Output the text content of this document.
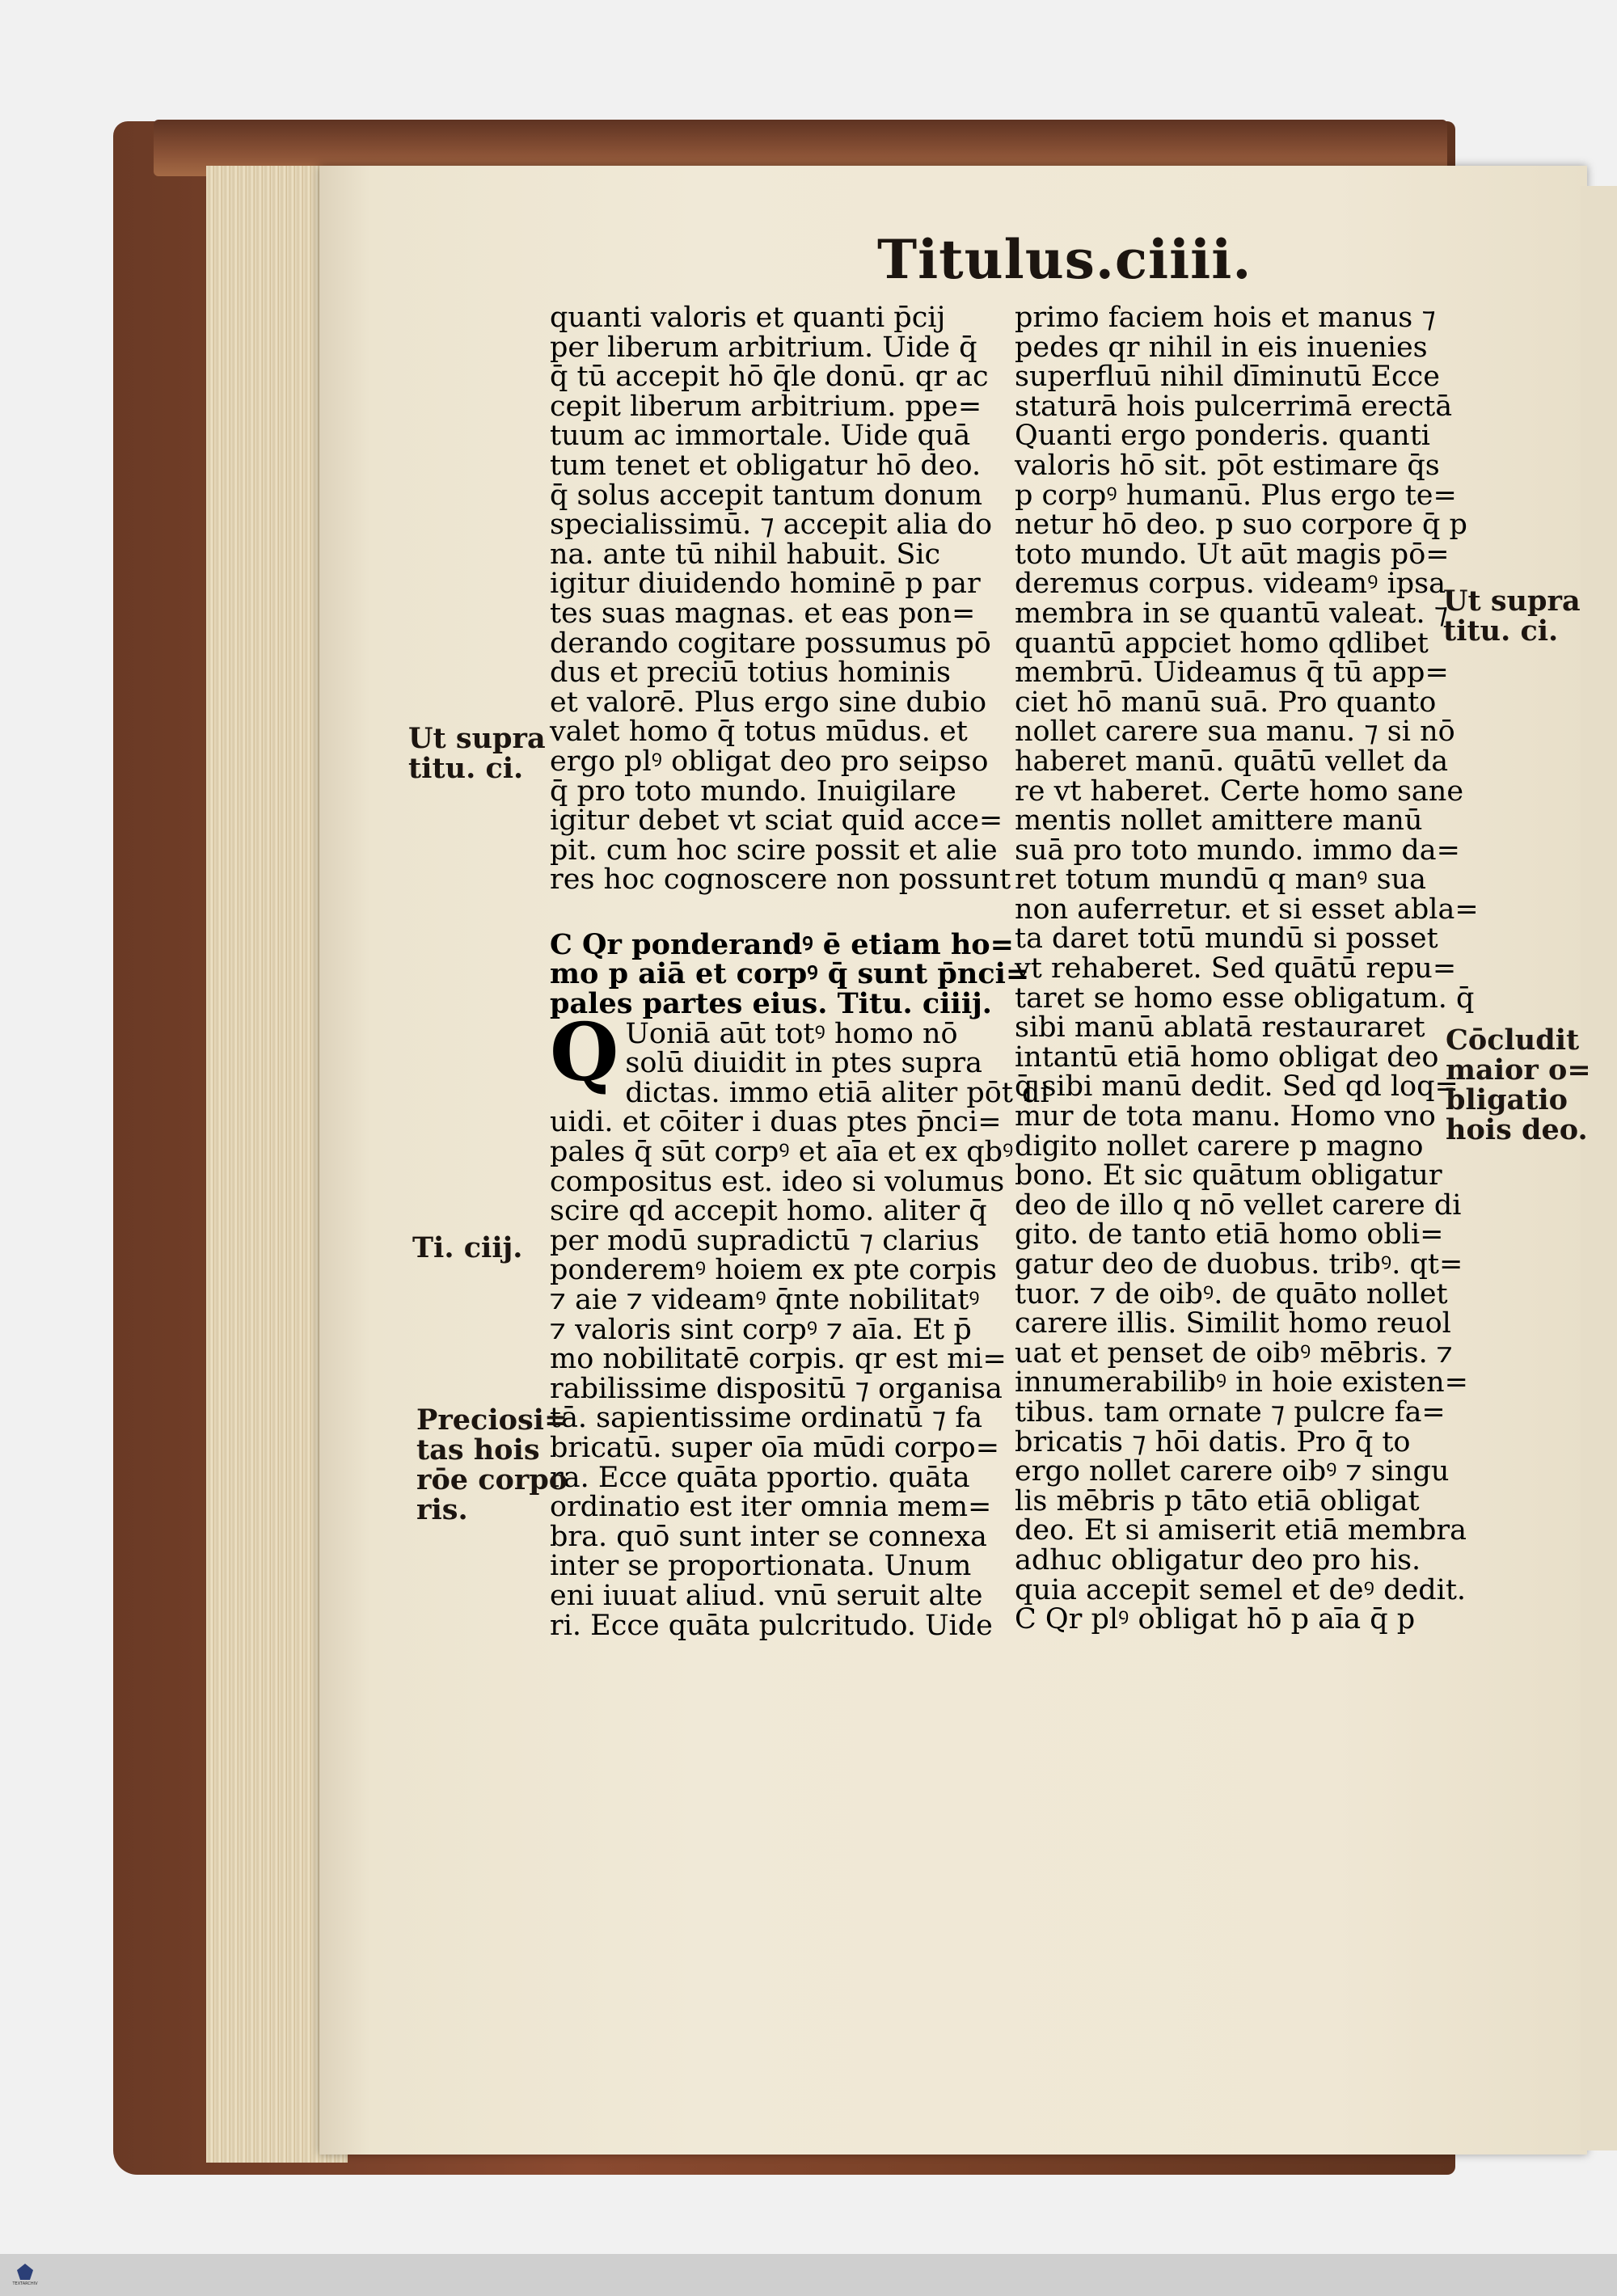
Titulus.ciiii.
quanti valoris et quanti p̄cij
per liberum arbitrium. Uide q̄
q̄ tū accepit hō q̄le donū. qr ac
cepit liberum arbitrium. ppe=
tuum ac immortale. Uide quā
tum tenet et obligatur hō deo.
q̄ solus accepit tantum donum
specialissimū. ⁊ accepit alia do
na. ante tū nihil habuit. Sic
igitur diuidendo hominē p par
tes suas magnas. et eas pon=
derando cogitare possumus pō
dus et preciū totius hominis
et valorē. Plus ergo sine dubio
valet homo q̄ totus mūdus. et
ergo plꝰ obligat deo pro seipso
q̄ pro toto mundo. Inuigilare
igitur debet vt sciat quid acce=
pit. cum hoc scire possit et alie
res hoc cognoscere non possunt
C Qr ponderandꝰ ē etiam ho=
mo p aiā et corpꝰ q̄ sunt p̄nci=
pales partes eius. Titu. ciiij.
Q Uoniā aūt totꝰ homo nō
solū diuidit in ptes supra
dictas. immo etiā aliter pōt di
uidi. et cōiter i duas ptes p̄nci=
pales q̄ sūt corpꝰ et aīa et ex qbꝰ
compositus est. ideo si volumus
scire qd accepit homo. aliter q̄
per modū supradictū ⁊ clarius
ponderemꝰ hoiem ex pte corpis
⁊ aie ⁊ videamꝰ q̄nte nobilitatꝰ
⁊ valoris sint corpꝰ ⁊ aīa. Et p̄
mo nobilitatē corpis. qr est mi=
rabilissime dispositū ⁊ organisa
tā. sapientissime ordinatū ⁊ fa
bricatū. super oīa mūdi corpo=
ra. Ecce quāta pportio. quāta
ordinatio est iter omnia mem=
bra. quō sunt inter se connexa
inter se proportionata. Unum
eni iuuat aliud. vnū seruit alte
ri. Ecce quāta pulcritudo. Uide
primo faciem hois et manus ⁊
pedes qr nihil in eis inuenies
superfluū nihil dīminutū Ecce
staturā hois pulcerrimā erectā
Quanti ergo ponderis. quanti
valoris hō sit. pōt estimare q̄s
p corpꝰ humanū. Plus ergo te=
netur hō deo. p suo corpore q̄ p
toto mundo. Ut aūt magis pō=
deremus corpus. videamꝰ ipsa
membra in se quantū valeat. ⁊
quantū appciet homo qdlibet
membrū. Uideamus q̄ tū app=
ciet hō manū suā. Pro quanto
nollet carere sua manu. ⁊ si nō
haberet manū. quātū vellet da
re vt haberet. Certe homo sane
mentis nollet amittere manū
suā pro toto mundo. immo da=
ret totum mundū q manꝰ sua
non auferretur. et si esset abla=
ta daret totū mundū si posset
vt rehaberet. Sed quātū repu=
taret se homo esse obligatum. q̄
sibi manū ablatā restauraret
intantū etiā homo obligat deo
q̄ sibi manū dedit. Sed qd loq=
mur de tota manu. Homo vno
digito nollet carere p magno
bono. Et sic quātum obligatur
deo de illo q nō vellet carere di
gito. de tanto etiā homo obli=
gatur deo de duobus. tribꝰ. qt=
tuor. ⁊ de oibꝰ. de quāto nollet
carere illis. Similit homo reuol
uat et penset de oibꝰ mēbris. ⁊
innumerabilibꝰ in hoie existen=
tibus. tam ornate ⁊ pulcre fa=
bricatis ⁊ hōi datis. Pro q̄ to
ergo nollet carere oibꝰ ⁊ singu
lis mēbris p tāto etiā obligat
deo. Et si amiserit etiā membra
adhuc obligatur deo pro his.
quia accepit semel et deꝰ dedit.
C Qr plꝰ obligat hō p aīa q̄ p
Ut supra
titu. ci.
Ti. ciij.
Preciosi=
tas hois
rōe corpo
ris.
Ut supra
titu. ci.
Cōcludit
maior o=
bligatio
hois deo.
TEXTARCHIV
